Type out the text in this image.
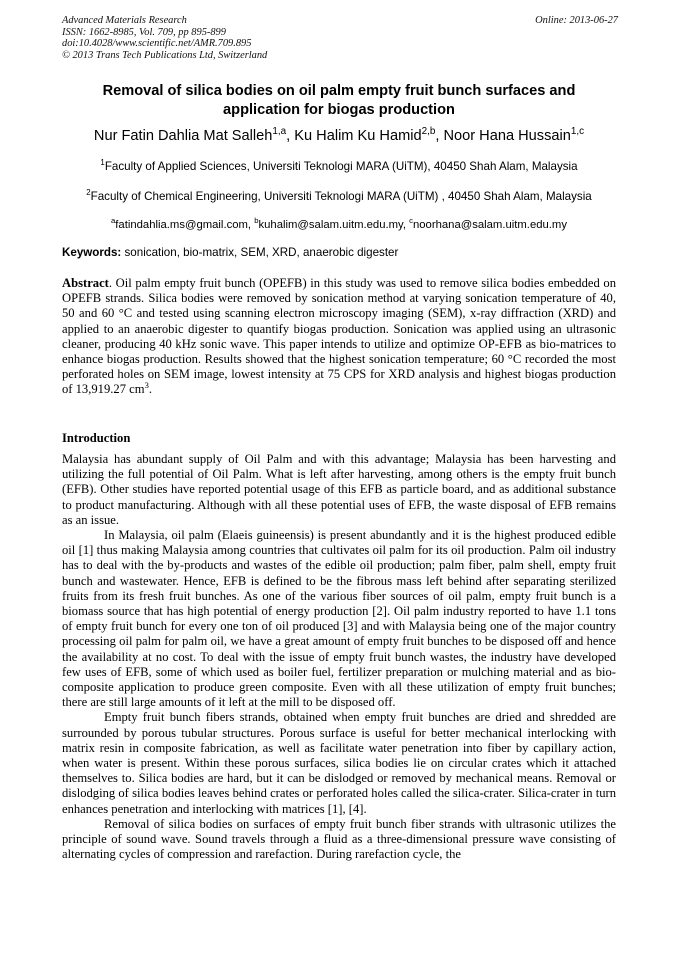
Advanced Materials Research
ISSN: 1662-8985, Vol. 709, pp 895-899
doi:10.4028/www.scientific.net/AMR.709.895
© 2013 Trans Tech Publications Ltd, Switzerland
Online: 2013-06-27
Removal of silica bodies on oil palm empty fruit bunch surfaces and
application for biogas production
Nur Fatin Dahlia Mat Salleh$^{1,a}$, Ku Halim Ku Hamid$^{2,b}$, Noor Hana Hussain$^{1,c}$
$^1$Faculty of Applied Sciences, Universiti Teknologi MARA (UiTM), 40450 Shah Alam, Malaysia
$^2$Faculty of Chemical Engineering, Universiti Teknologi MARA (UiTM) , 40450 Shah Alam, Malaysia
$^a$fatindahlia.ms@gmail.com, $^b$kuhalim@salam.uitm.edu.my, $^c$noorhana@salam.uitm.edu.my
Keywords: sonication, bio-matrix, SEM, XRD, anaerobic digester
Abstract. Oil palm empty fruit bunch (OPEFB) in this study was used to remove silica bodies embedded on OPEFB strands. Silica bodies were removed by sonication method at varying sonication temperature of 40, 50 and 60 °C and tested using scanning electron microscopy imaging (SEM), x-ray diffraction (XRD) and applied to an anaerobic digester to quantify biogas production. Sonication was applied using an ultrasonic cleaner, producing 40 kHz sonic wave. This paper intends to utilize and optimize OP-EFB as bio-matrices to enhance biogas production. Results showed that the highest sonication temperature; 60 °C recorded the most perforated holes on SEM image, lowest intensity at 75 CPS for XRD analysis and highest biogas production of 13,919.27 $cm^3$.
Introduction

Malaysia has abundant supply of Oil Palm and with this advantage; Malaysia has been harvesting and utilizing the full potential of Oil Palm. What is left after harvesting, among others is the empty fruit bunch (EFB). Other studies have reported potential usage of this EFB as particle board, and as additional substance to product manufacturing. Although with all these potential uses of EFB, the waste disposal of EFB remains as an issue.

In Malaysia, oil palm (Elaeis guineensis) is present abundantly and it is the highest produced edible oil [1] thus making Malaysia among countries that cultivates oil palm for its oil production. Palm oil industry has to deal with the by-products and wastes of the edible oil production; palm fiber, palm shell, empty fruit bunch and wastewater. Hence, EFB is defined to be the fibrous mass left behind after separating sterilized fruits from its fresh fruit bunches. As one of the various fiber sources of oil palm, empty fruit bunch is a biomass source that has high potential of energy production [2]. Oil palm industry reported to have 1.1 tons of empty fruit bunch for every one ton of oil produced [3] and with Malaysia being one of the major country processing oil palm for palm oil, we have a great amount of empty fruit bunches to be disposed off and hence the availability at no cost. To deal with the issue of empty fruit bunch wastes, the industry have developed few uses of EFB, some of which used as boiler fuel, fertilizer preparation or mulching material and as bio-composite application to produce green composite. Even with all these utilization of empty fruit bunches; there are still large amounts of it left at the mill to be disposed off.

Empty fruit bunch fibers strands, obtained when empty fruit bunches are dried and shredded are surrounded by porous tubular structures. Porous surface is useful for better mechanical interlocking with matrix resin in composite fabrication, as well as facilitate water penetration into fiber by capillary action, when water is present. Within these porous surfaces, silica bodies lie on circular crates which it attached themselves to. Silica bodies are hard, but it can be dislodged or removed by mechanical means. Removal or dislodging of silica bodies leaves behind crates or perforated holes called the silica-crater. Silica-crater in turn enhances penetration and interlocking with matrices [1], [4].

Removal of silica bodies on surfaces of empty fruit bunch fiber strands with ultrasonic utilizes the principle of sound wave. Sound travels through a fluid as a three-dimensional pressure wave consisting of alternating cycles of compression and rarefaction. During rarefaction cycle, the
